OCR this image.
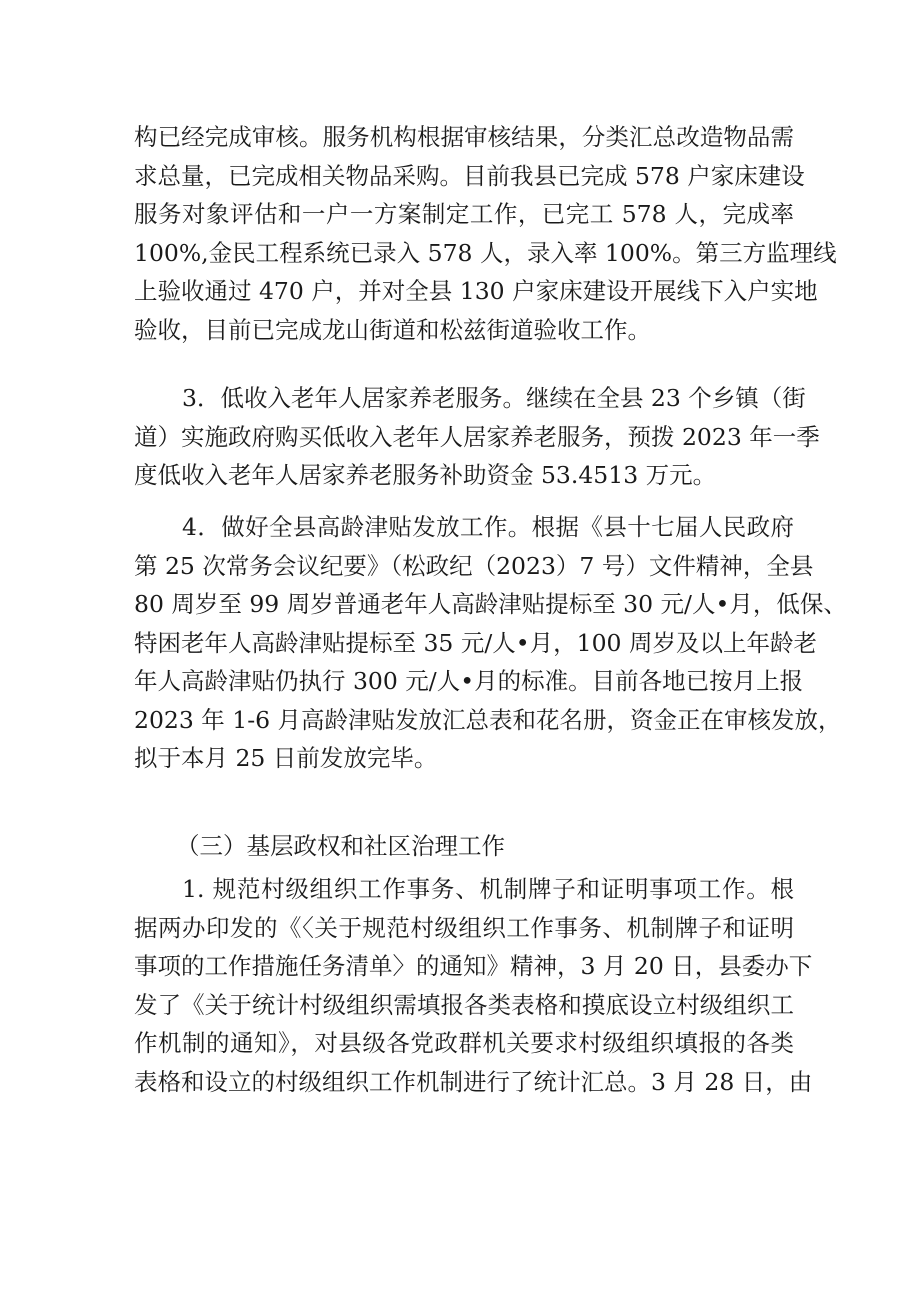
构已经完成审核。服务机构根据审核结果，分类汇总改造物品需
求总量，已完成相关物品采购。目前我县已完成 578 户家床建设
服务对象评估和一户一方案制定工作，已完工 578 人，完成率
100%,金民工程系统已录入 578 人，录入率 100%。第三方监理线
上验收通过 470 户，并对全县 130 户家床建设开展线下入户实地
验收，目前已完成龙山街道和松兹街道验收工作。
3．低收入老年人居家养老服务。继续在全县 23 个乡镇（街
道）实施政府购买低收入老年人居家养老服务，预拨 2023 年一季
度低收入老年人居家养老服务补助资金 53.4513 万元。
4．做好全县高龄津贴发放工作。根据《县十七届人民政府
第 25 次常务会议纪要》（松政纪（2023）7 号）文件精神，全县
80 周岁至 99 周岁普通老年人高龄津贴提标至 30 元/人•月，低保、
特困老年人高龄津贴提标至 35 元/人•月，100 周岁及以上年龄老
年人高龄津贴仍执行 300 元/人•月的标准。目前各地已按月上报
2023 年 1-6 月高龄津贴发放汇总表和花名册，资金正在审核发放，
拟于本月 25 日前发放完毕。
（三）基层政权和社区治理工作
1. 规范村级组织工作事务、机制牌子和证明事项工作。根
据两办印发的《〈关于规范村级组织工作事务、机制牌子和证明
事项的工作措施任务清单〉的通知》精神，3 月 20 日，县委办下
发了《关于统计村级组织需填报各类表格和摸底设立村级组织工
作机制的通知》，对县级各党政群机关要求村级组织填报的各类
表格和设立的村级组织工作机制进行了统计汇总。3 月 28 日，由
